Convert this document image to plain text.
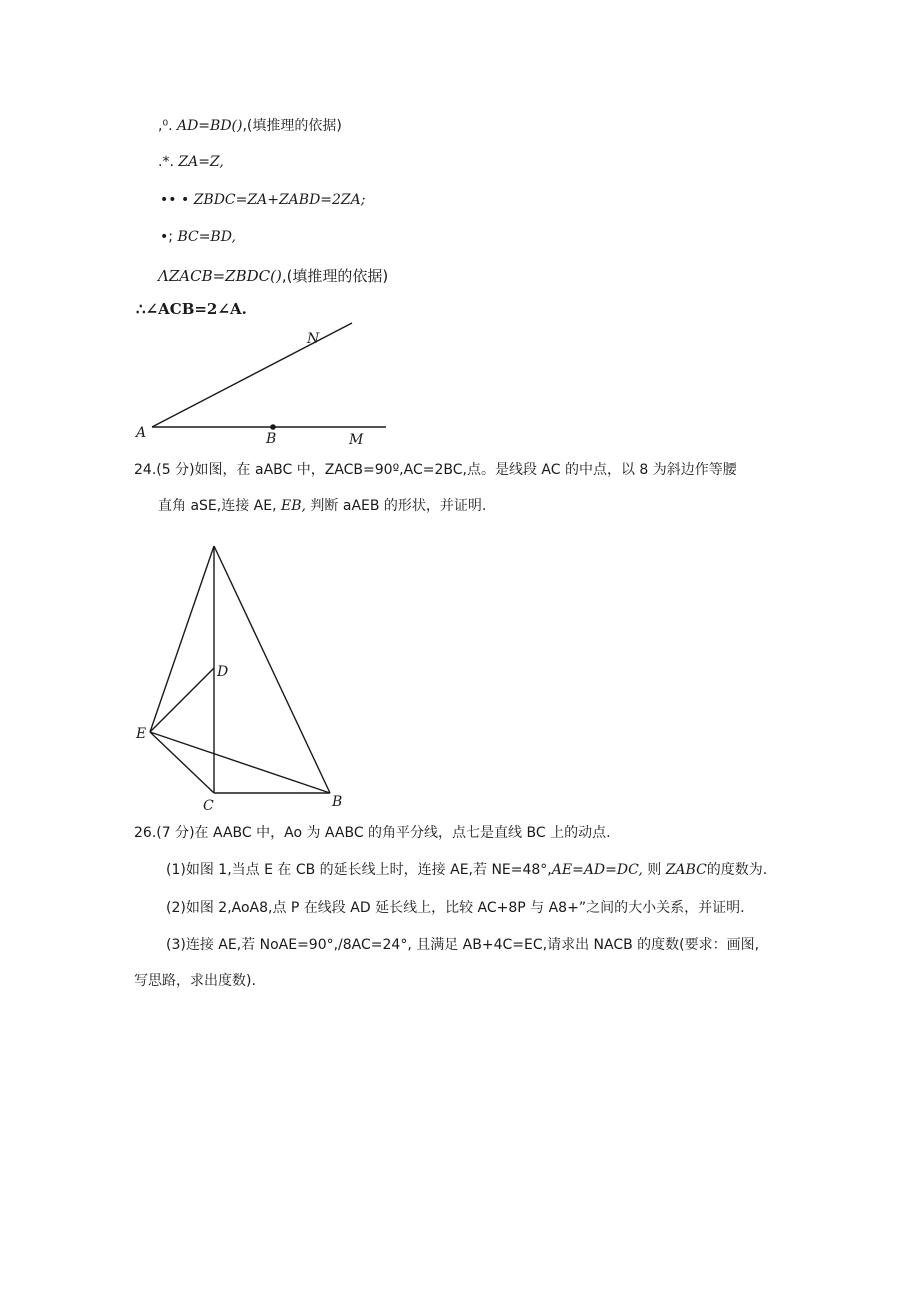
,⁰. AD=BD(),(填推理的依据)
.*. ZA=Z,
•• • ZBDC=ZA+ZABD=2ZA;
•; BC=BD,
ΛZACB=ZBDC(),(填推理的依据)
∴∠ACB=2∠A.
N
A	B	M
24.(5 分)如图，在 aABC 中，ZACB=90º,AC=2BC,点。是线段 AC 的中点，以 8 为斜边作等腰
直角 aSE,连接 AE, EB, 判断 aAEB 的形状，并证明.
D
E
C	B
26.(7 分)在 AABC 中，Ao 为 AABC 的角平分线，点七是直线 BC 上的动点.
(1)如图 1,当点 E 在 CB 的延长线上时，连接 AE,若 NE=48°,AE=AD=DC, 则 ZABC的度数为.
(2)如图 2,AoA8,点 P 在线段 AD 延长线上，比较 AC+8P 与 A8+”之间的大小关系，并证明.
(3)连接 AE,若 NoAE=90°,/8AC=24°, 且满足 AB+4C=EC,请求出 NACB 的度数(要求：画图,
写思路，求出度数).
